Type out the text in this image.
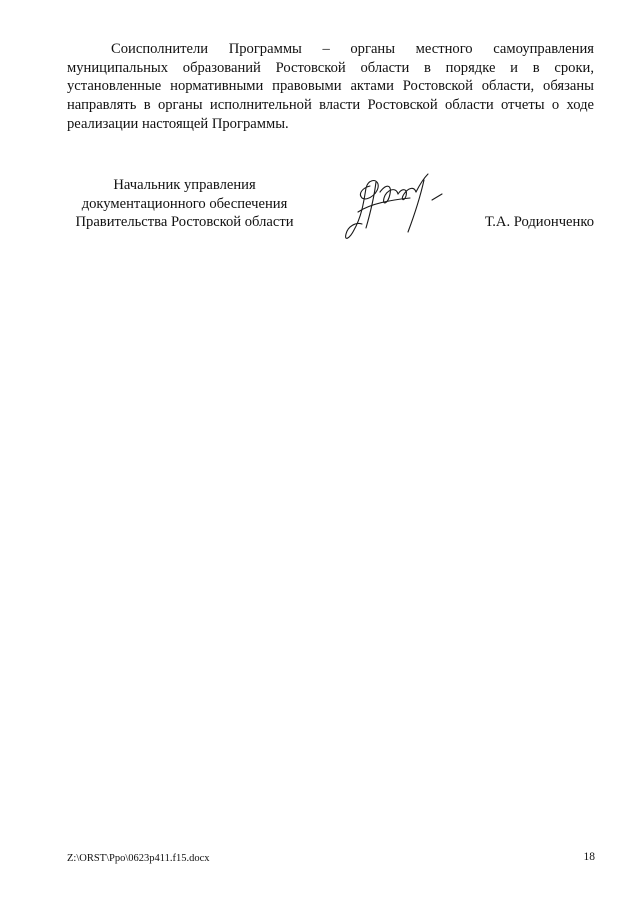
Соисполнители Программы – органы местного самоуправления
муниципальных образований Ростовской области в порядке и в сроки,
установленные нормативными правовыми актами Ростовской области, обязаны
направлять в органы исполнительной власти Ростовской области отчеты о ходе
реализации настоящей Программы.
Начальник управления
документационного обеспечения
Правительства Ростовской области	Т.А. Родионченко
Z:\ORST\Ppo\0623p411.f15.docx	18
